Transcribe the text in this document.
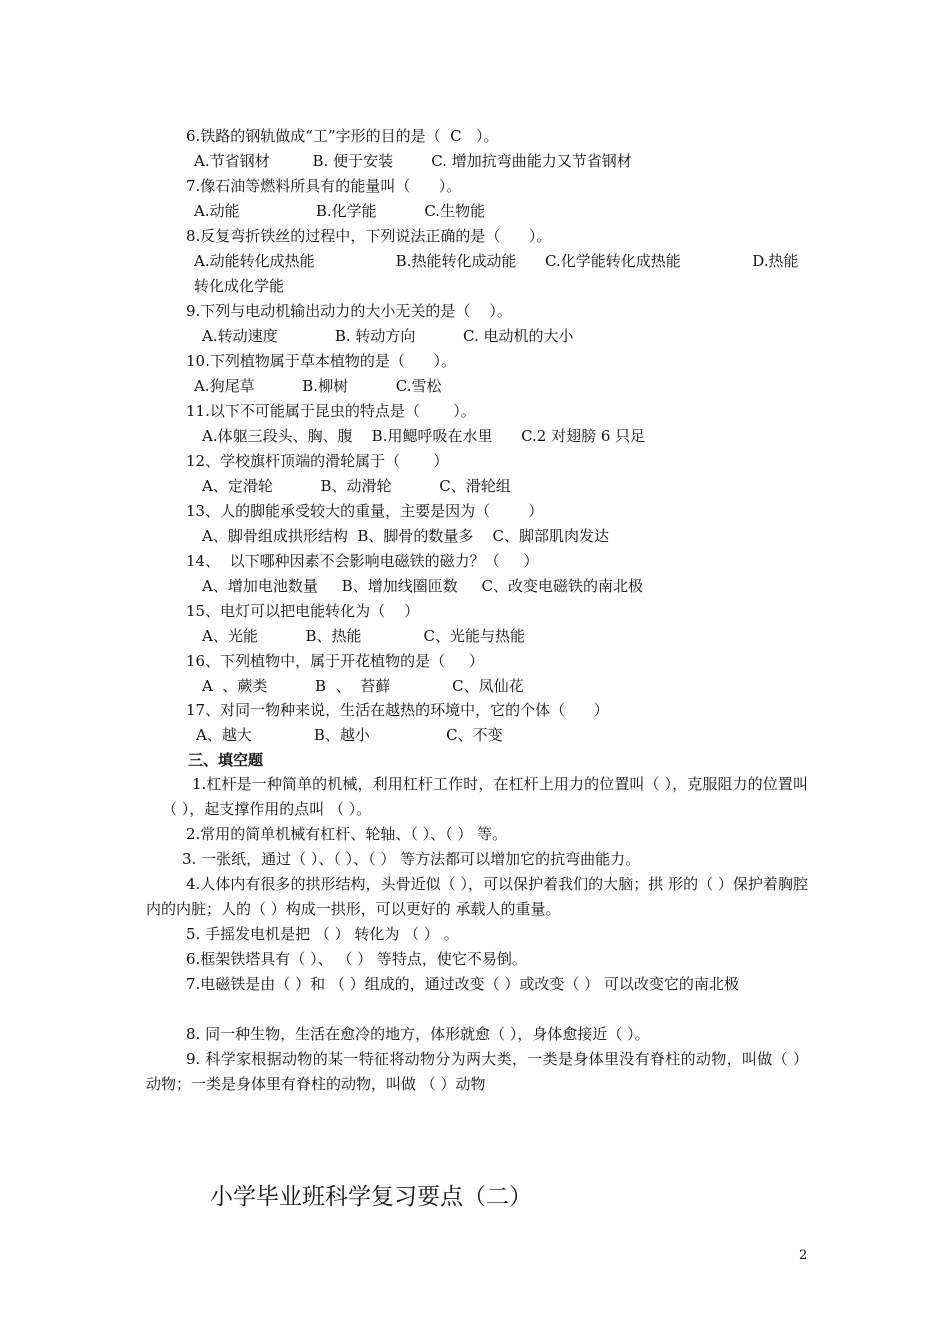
6.铁路的钢轨做成“工”字形的目的是（  C   ）。
A.节省钢材         B. 便于安装        C. 增加抗弯曲能力又节省钢材
7.像石油等燃料所具有的能量叫（      ）。
A.动能                B.化学能          C.生物能
8.反复弯折铁丝的过程中，下列说法正确的是（      ）。
A.动能转化成热能                 B.热能转化成动能      C.化学能转化成热能               D.热能
转化成化学能
9.下列与电动机输出动力的大小无关的是（    ）。
A.转动速度            B. 转动方向          C. 电动机的大小
10.下列植物属于草本植物的是（      ）。
A.狗尾草          B.柳树          C.雪松
11.以下不可能属于昆虫的特点是（       ）。
A.体躯三段头、胸、腹    B.用鳃呼吸在水里      C.2 对翅膀 6 只足
12、学校旗杆顶端的滑轮属于（       ）
A、定滑轮          B、动滑轮          C、滑轮组
13、人的脚能承受较大的重量，主要是因为（        ）
A、脚骨组成拱形结构  B、脚骨的数量多    C、脚部肌肉发达
14、  以下哪种因素不会影响电磁铁的磁力？（     ）
A、增加电池数量     B、增加线圈匝数     C、改变电磁铁的南北极
15、电灯可以把电能转化为（    ）
A、光能          B、热能             C、光能与热能
16、下列植物中，属于开花植物的是（     ）
A  、蕨类          B  、  苔藓             C、凤仙花
17、对同一物种来说，生活在越热的环境中，它的个体（      ）
A、越大             B、越小                C、不变
三、填空题
1.杠杆是一种简单的机械，利用杠杆工作时，在杠杆上用力的位置叫（ ），克服阻力的位置叫（ ），起支撑作用的点叫 （ ）。
2.常用的简单机械有杠杆、轮轴、（ ）、（ ） 等。
3. 一张纸，通过（ ）、（ ）、（ ） 等方法都可以增加它的抗弯曲能力。
4.人体内有很多的拱形结构，头骨近似（ ），可以保护着我们的大脑；拱 形的（ ）保护着胸腔内的内脏；人的（ ）构成一拱形，可以更好的 承载人的重量。
5. 手摇发电机是把 （ ） 转化为 （ ） 。
6.框架铁塔具有（ ）、 （ ） 等特点，使它不易倒。
7.电磁铁是由（ ）和 （ ）组成的，通过改变（ ）或改变（ ） 可以改变它的南北极
8. 同一种生物，生活在愈冷的地方，体形就愈（ ），身体愈接近（ ）。
9. 科学家根据动物的某一特征将动物分为两大类，一类是身体里没有脊柱的动物，叫做（ ） 动物；一类是身体里有脊柱的动物，叫做 （ ）动物
小学毕业班科学复习要点（二）
2
